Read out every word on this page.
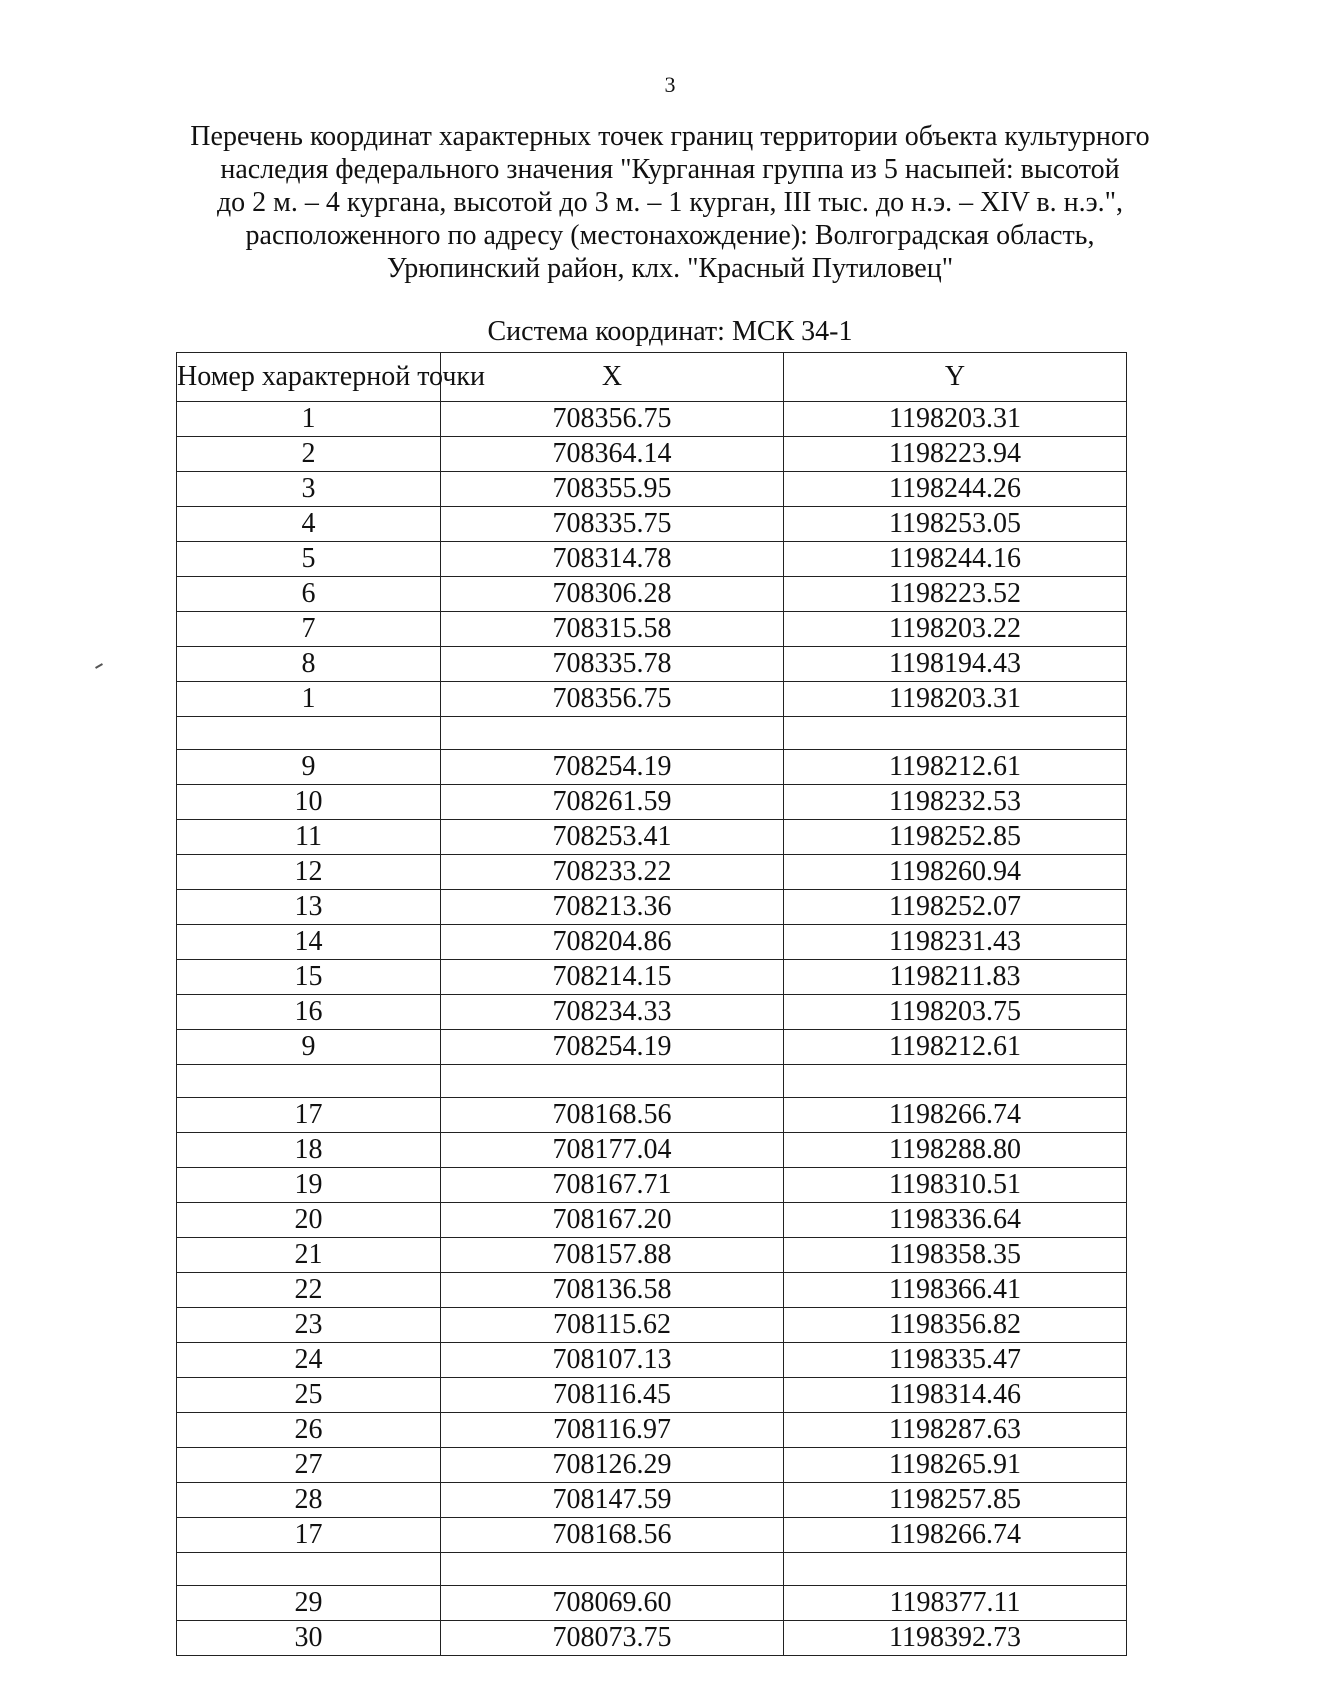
3
Перечень координат характерных точек границ территории объекта культурного
наследия федерального значения "Курганная группа из 5 насыпей: высотой
до 2 м. – 4 кургана, высотой до 3 м. – 1 курган, III тыс. до н.э. – XIV в. н.э.",
расположенного по адресу (местонахождение): Волгоградская область,
Урюпинский район, клх. "Красный Путиловец"
Система координат: МСК 34-1
Номер характерной точки	X	Y
1	708356.75	1198203.31
2	708364.14	1198223.94
3	708355.95	1198244.26
4	708335.75	1198253.05
5	708314.78	1198244.16
6	708306.28	1198223.52
7	708315.58	1198203.22
8	708335.78	1198194.43
1	708356.75	1198203.31

9	708254.19	1198212.61
10	708261.59	1198232.53
11	708253.41	1198252.85
12	708233.22	1198260.94
13	708213.36	1198252.07
14	708204.86	1198231.43
15	708214.15	1198211.83
16	708234.33	1198203.75
9	708254.19	1198212.61

17	708168.56	1198266.74
18	708177.04	1198288.80
19	708167.71	1198310.51
20	708167.20	1198336.64
21	708157.88	1198358.35
22	708136.58	1198366.41
23	708115.62	1198356.82
24	708107.13	1198335.47
25	708116.45	1198314.46
26	708116.97	1198287.63
27	708126.29	1198265.91
28	708147.59	1198257.85
17	708168.56	1198266.74

29	708069.60	1198377.11
30	708073.75	1198392.73
